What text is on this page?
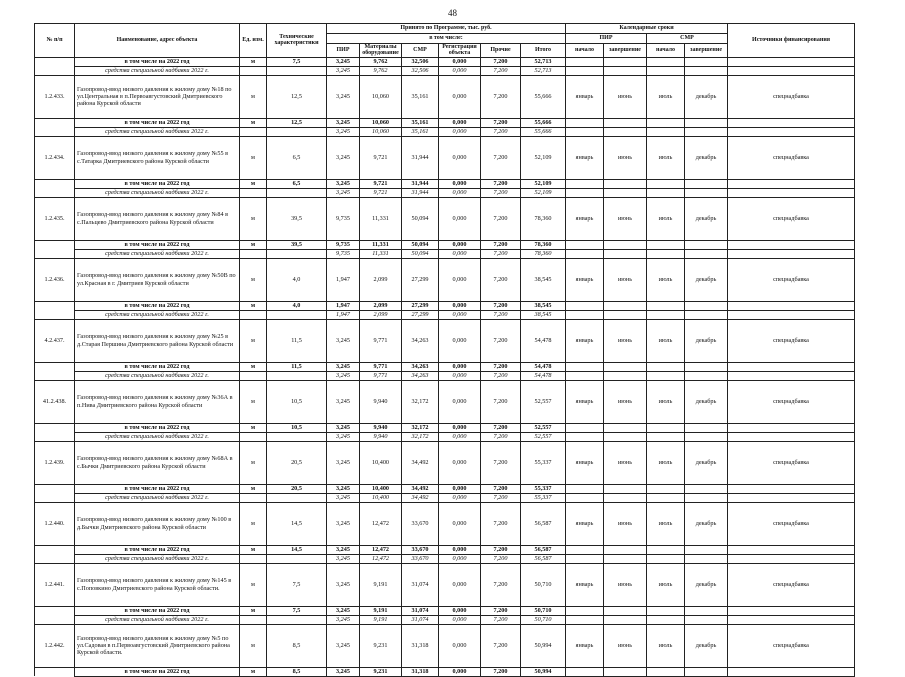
48
№ п/п	Наименование, адрес объекта	Ед. изм.	Технические характеристики	Принято по Программе, тыс. руб.						Календарные сроки				Источники финансирования
				в том числе:						ПИР		СМР		
				ПИР	Материалы оборудование	СМР	Регистрация объекта	Прочие	Итого	начало	завершение	начало	завершение	
	в том числе на 2022 год	м	7,5	3,245	9,762	32,506	0,000	7,200	52,713					
	средства специальной надбавки 2022 г.			3,245	9,762	32,506	0,000	7,200	52,713					
1.2.433.	Газопровод-ввод низкого давления к жилому дому №18 по ул.Центральная в п.Первоавгустовский Дмитриевского района Курской области	м	12,5	3,245	10,060	35,161	0,000	7,200	55,666	январь	июнь	июль	декабрь	спецнадбавка
	в том числе на 2022 год	м	12,5	3,245	10,060	35,161	0,000	7,200	55,666					
	средства специальной надбавки 2022 г.			3,245	10,060	35,161	0,000	7,200	55,666					
1.2.434.	Газопровод-ввод низкого давления к жилому дому №55 в с.Татарка Дмитриевского района Курской области	м	6,5	3,245	9,721	31,944	0,000	7,200	52,109	январь	июнь	июль	декабрь	спецнадбавка
	в том числе на 2022 год	м	6,5	3,245	9,721	31,944	0,000	7,200	52,109					
	средства специальной надбавки 2022 г.			3,245	9,721	31,944	0,000	7,200	52,109					
1.2.435.	Газопровод-ввод низкого давления к жилому дому №84 в с.Пальцево Дмитриевского района Курской области	м	39,5	9,735	11,331	50,094	0,000	7,200	78,360	январь	июнь	июль	декабрь	спецнадбавка
	в том числе на 2022 год	м	39,5	9,735	11,331	50,094	0,000	7,200	78,360					
	средства специальной надбавки 2022 г.			9,735	11,331	50,094	0,000	7,200	78,360					
1.2.436.	Газопровод-ввод низкого давления к жилому дому №50В по ул.Красная в г. Дмитриев Курской области	м	4,0	1,947	2,099	27,299	0,000	7,200	38,545	январь	июнь	июль	декабрь	спецнадбавка
	в том числе на 2022 год	м	4,0	1,947	2,099	27,299	0,000	7,200	38,545					
	средства специальной надбавки 2022 г.			1,947	2,099	27,299	0,000	7,200	38,545					
4.2.437.	Газопровод-ввод низкого давления к жилому дому №25 в д.Старая Першина Дмитриевского района Курской области	м	11,5	3,245	9,771	34,263	0,000	7,200	54,478	январь	июнь	июль	декабрь	спецнадбавка
	в том числе на 2022 год	м	11,5	3,245	9,771	34,263	0,000	7,200	54,478					
	средства специальной надбавки 2022 г.			3,245	9,771	34,263	0,000	7,200	54,478					
41.2.438.	Газопровод-ввод низкого давления к жилому дому №36А в п.Нива Дмитриевского района Курской области	м	10,5	3,245	9,940	32,172	0,000	7,200	52,557	январь	июнь	июль	декабрь	спецнадбавка
	в том числе на 2022 год	м	10,5	3,245	9,940	32,172	0,000	7,200	52,557					
	средства специальной надбавки 2022 г.			3,245	9,940	32,172	0,000	7,200	52,557					
1.2.439.	Газопровод-ввод низкого давления к жилому дому №68А в с.Бычки Дмитриевского района Курской области	м	20,5	3,245	10,400	34,492	0,000	7,200	55,337	январь	июнь	июль	декабрь	спецнадбавка
	в том числе на 2022 год	м	20,5	3,245	10,400	34,492	0,000	7,200	55,337					
	средства специальной надбавки 2022 г.			3,245	10,400	34,492	0,000	7,200	55,337					
1.2.440.	Газопровод-ввод низкого давления к жилому дому №100 в д.Бычки Дмитриевского района Курской области	м	14,5	3,245	12,472	33,670	0,000	7,200	56,587	январь	июнь	июль	декабрь	спецнадбавка
	в том числе на 2022 год	м	14,5	3,245	12,472	33,670	0,000	7,200	56,587					
	средства специальной надбавки 2022 г.			3,245	12,472	33,670	0,000	7,200	56,587					
1.2.441.	Газопровод-ввод низкого давления к жилому дому №145 в с.Поповкино Дмитриевского района Курской области.	м	7,5	3,245	9,191	31,074	0,000	7,200	50,710	январь	июнь	июль	декабрь	спецнадбавка
	в том числе на 2022 год	м	7,5	3,245	9,191	31,074	0,000	7,200	50,710					
	средства специальной надбавки 2022 г.			3,245	9,191	31,074	0,000	7,200	50,710					
1.2.442.	Газопровод-ввод низкого давления к жилому дому №5 по ул.Садовая в п.Первоавгустовский Дмитриевского района Курской области.	м	8,5	3,245	9,231	31,318	0,000	7,200	50,994	январь	июнь	июль	декабрь	спецнадбавка
	в том числе на 2022 год	м	8,5	3,245	9,231	31,318	0,000	7,200	50,994					
